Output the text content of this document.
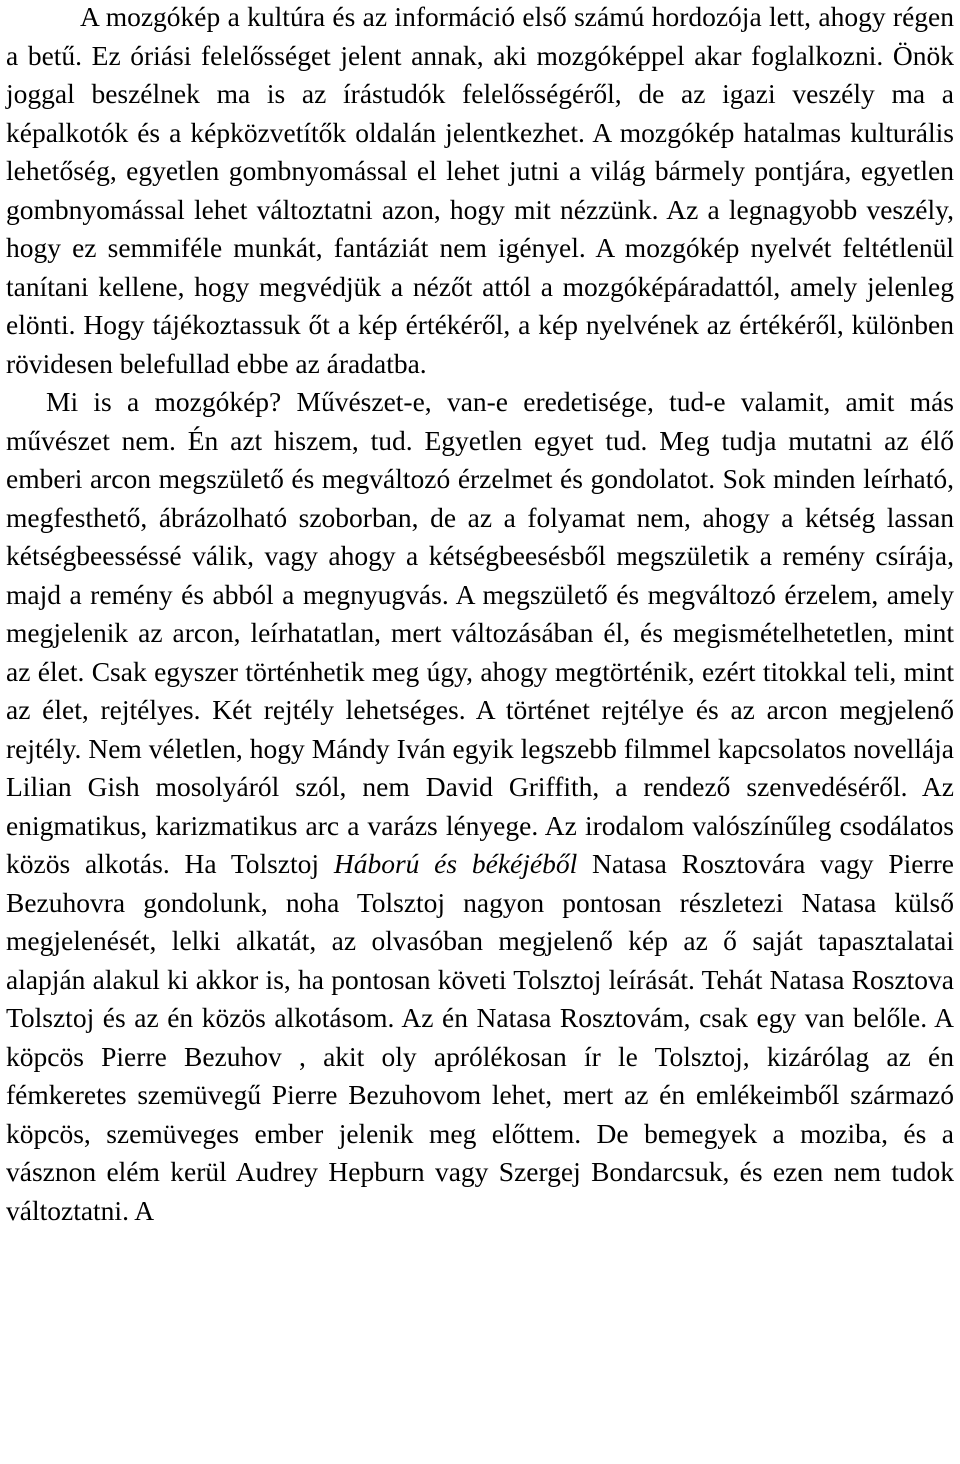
A mozgókép a kultúra és az információ első számú hordozója lett, ahogy régen a betű. Ez óriási felelősséget jelent annak, aki mozgóképpel akar foglalkozni. Önök joggal beszélnek ma is az írástudók felelősségéről, de az igazi veszély ma a képalkotók és a képközvetítők oldalán jelentkezhet. A mozgókép hatalmas kulturális lehetőség, egyetlen gombnyomással el lehet jutni a világ bármely pontjára, egyetlen gombnyomással lehet változtatni azon, hogy mit nézzünk. Az a legnagyobb veszély, hogy ez semmiféle munkát, fantáziát nem igényel. A mozgókép nyelvét feltétlenül tanítani kellene, hogy megvédjük a nézőt attól a mozgóképáradattól, amely jelenleg elönti. Hogy tájékoztassuk őt a kép értékéről, a kép nyelvének az értékéről, különben rövidesen belefullad ebbe az áradatba.

Mi is a mozgókép? Művészet-e, van-e eredetisége, tud-e valamit, amit más művészet nem. Én azt hiszem, tud. Egyetlen egyet tud. Meg tudja mutatni az élő emberi arcon megszülető és megváltozó érzelmet és gondolatot. Sok minden leírható, megfesthető, ábrázolható szoborban, de az a folyamat nem, ahogy a kétség lassan kétségbeesséssé válik, vagy ahogy a kétségbeesésből megszületik a remény csírája, majd a remény és abból a megnyugvás. A megszülető és megváltozó érzelem, amely megjelenik az arcon, leírhatatlan, mert változásában él, és megismételhetetlen, mint az élet. Csak egyszer történhetik meg úgy, ahogy megtörténik, ezért titokkal teli, mint az élet, rejtélyes. Két rejtély lehetséges. A történet rejtélye és az arcon megjelenő rejtély. Nem véletlen, hogy Mándy Iván egyik legszebb filmmel kapcsolatos novellája Lilian Gish mosolyáról szól, nem David Griffith, a rendező szenvedéséről. Az enigmatikus, karizmatikus arc a varázs lényege. Az irodalom valószínűleg csodálatos közös alkotás. Ha Tolsztoj Háború és békéjéből Natasa Rosztovára vagy Pierre Bezuhovra gondolunk, noha Tolsztoj nagyon pontosan részletezi Natasa külső megjelenését, lelki alkatát, az olvasóban megjelenő kép az ő saját tapasztalatai alapján alakul ki akkor is, ha pontosan követi Tolsztoj leírását. Tehát Natasa Rosztova Tolsztoj és az én közös alkotásom. Az én Natasa Rosztovám, csak egy van belőle. A köpcös Pierre Bezuhov , akit oly aprólékosan ír le Tolsztoj, kizárólag az én fémkeretes szemüvegű Pierre Bezuhovom lehet, mert az én emlékeimből származó köpcös, szemüveges ember jelenik meg előttem. De bemegyek a moziba, és a vásznon elém kerül Audrey Hepburn vagy Szergej Bondarcsuk, és ezen nem tudok változtatni. A
